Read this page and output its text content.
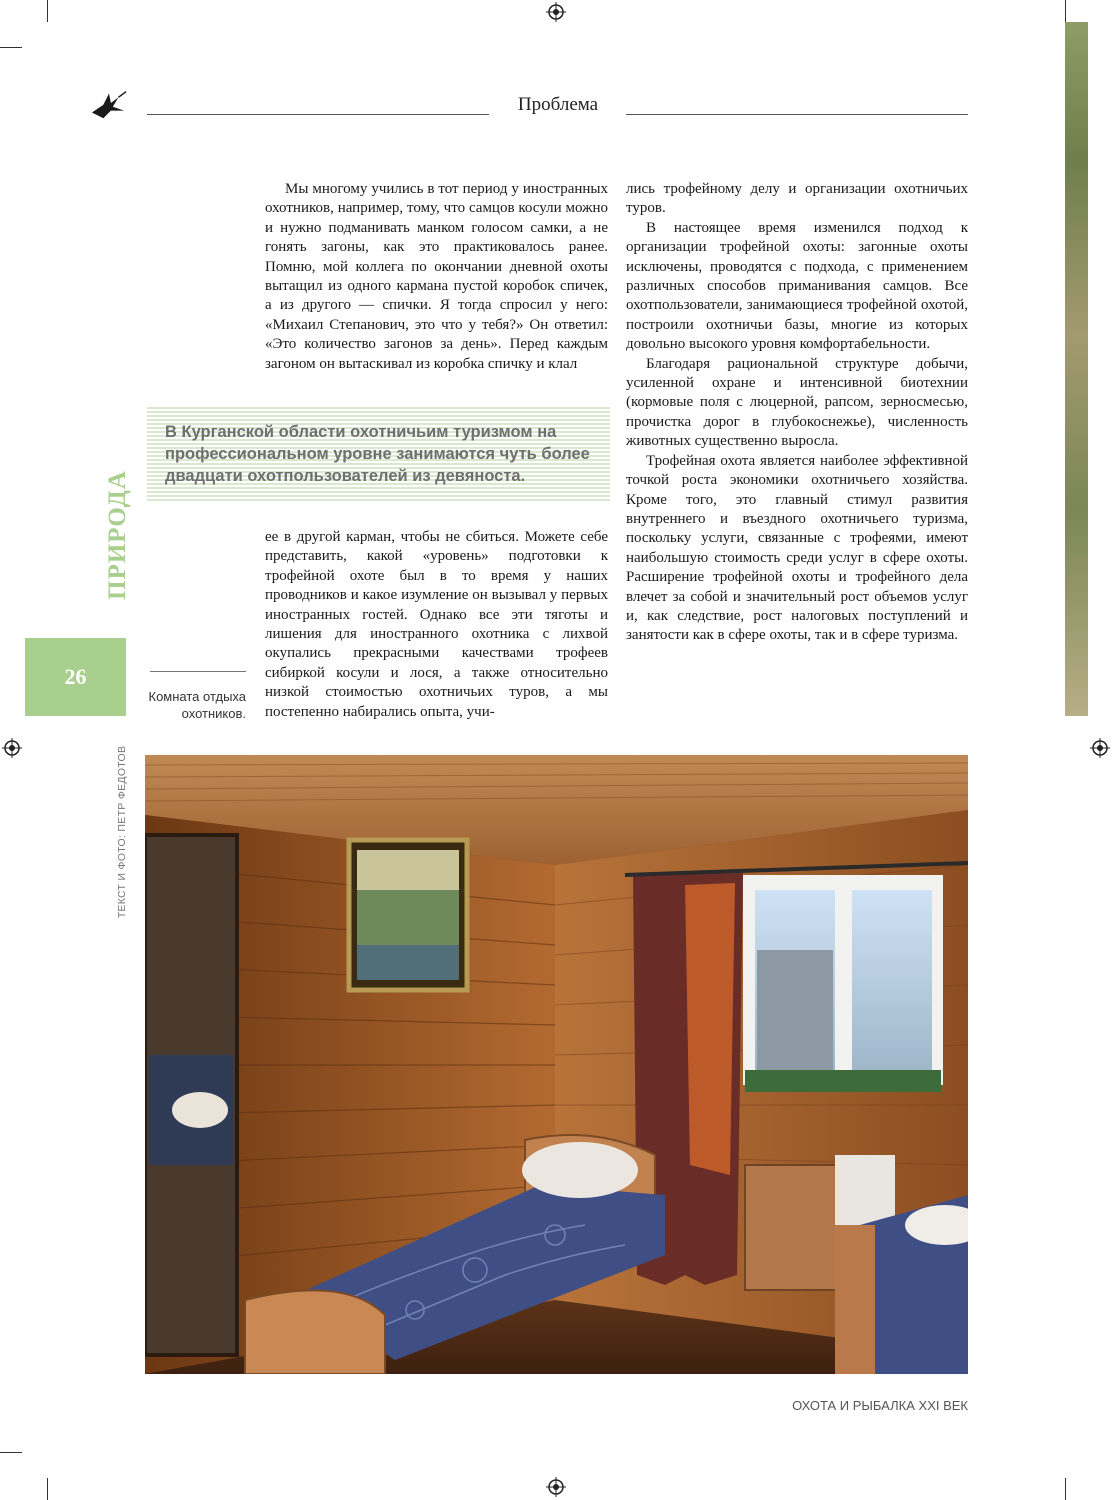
Проблема

Мы многому учились в тот период у иностранных охотников, например, тому, что самцов косули можно и нужно подманивать манком голосом самки, а не гонять загоны, как это практиковалось ранее. Помню, мой коллега по окончании дневной охоты вытащил из одного кармана пустой коробок спичек, а из другого — спички. Я тогда спросил у него: «Михаил Степанович, это что у тебя?» Он ответил: «Это количество загонов за день». Перед каждым загоном он вытаскивал из коробка спичку и клал

В Курганской области охотничьим туризмом на профессиональном уровне занимаются чуть более двадцати охотпользователей из девяноста.

ее в другой карман, чтобы не сбиться. Можете себе представить, какой «уровень» подготовки к трофейной охоте был в то время у наших проводников и какое изумление он вызывал у первых иностранных гостей. Однако все эти тяготы и лишения для иностранного охотника с лихвой окупались прекрасными качествами трофеев сибиркой косули и лося, а также относительно низкой стоимостью охотничьих туров, а мы постепенно набирались опыта, учи-

лись трофейному делу и организации охотничьих туров.

В настоящее время изменился подход к организации трофейной охоты: загонные охоты исключены, проводятся с подхода, с применением различных способов приманивания самцов. Все охотпользователи, занимающиеся трофейной охотой, построили охотничьи базы, многие из которых довольно высокого уровня комфортабельности.

Благодаря рациональной структуре добычи, усиленной охране и интенсивной биотехнии (кормовые поля с люцерной, рапсом, зерносмесью, прочистка дорог в глубокоснежье), численность животных существенно выросла.

Трофейная охота является наиболее эффективной точкой роста экономики охотничьего хозяйства. Кроме того, это главный стимул развития внутреннего и въездного охотничьего туризма, поскольку услуги, связанные с трофеями, имеют наибольшую стоимость среди услуг в сфере охоты. Расширение трофейной охоты и трофейного дела влечет за собой и значительный рост объемов услуг и, как следствие, рост налоговых поступлений и занятости как в сфере охоты, так и в сфере туризма.

ПРИРОДА
26
Комната отдыха охотников.
ТЕКСТ И ФОТО: ПЕТР ФЕДОТОВ
ОХОТА И РЫБАЛКА XXI ВЕК
